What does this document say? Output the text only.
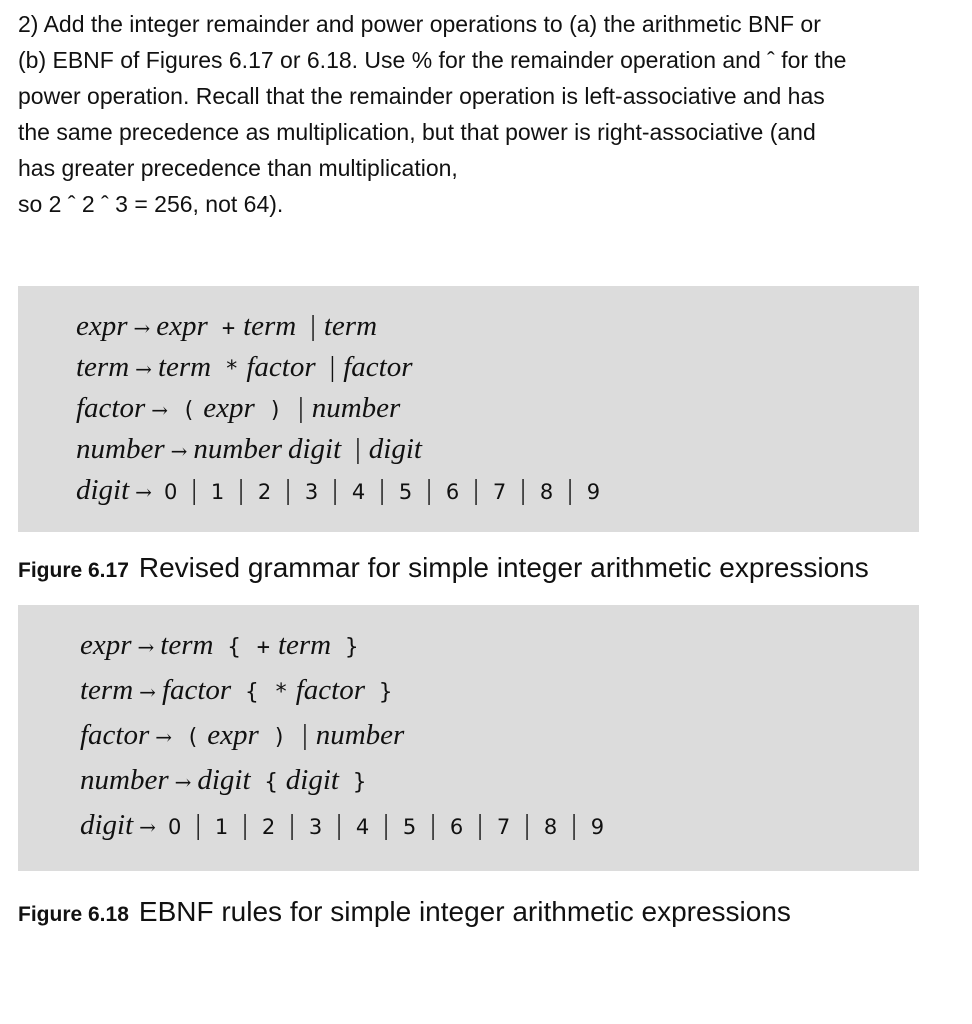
2) Add the integer remainder and power operations to (a) the arithmetic BNF or
(b) EBNF of Figures 6.17 or 6.18. Use % for the remainder operation and ˆ for the
power operation. Recall that the remainder operation is left-associative and has
the same precedence as multiplication, but that power is right-associative (and
has greater precedence than multiplication,
so 2 ˆ 2 ˆ 3 = 256, not 64).
expr → expr + term | term
term → term * factor | factor
factor → ( expr ) | number
number → number digit | digit
digit → 0 | 1 | 2 | 3 | 4 | 5 | 6 | 7 | 8 | 9
Figure 6.17 Revised grammar for simple integer arithmetic expressions
expr → term { + term }
term → factor { * factor }
factor → ( expr ) | number
number → digit { digit }
digit → 0 | 1 | 2 | 3 | 4 | 5 | 6 | 7 | 8 | 9
Figure 6.18 EBNF rules for simple integer arithmetic expressions
